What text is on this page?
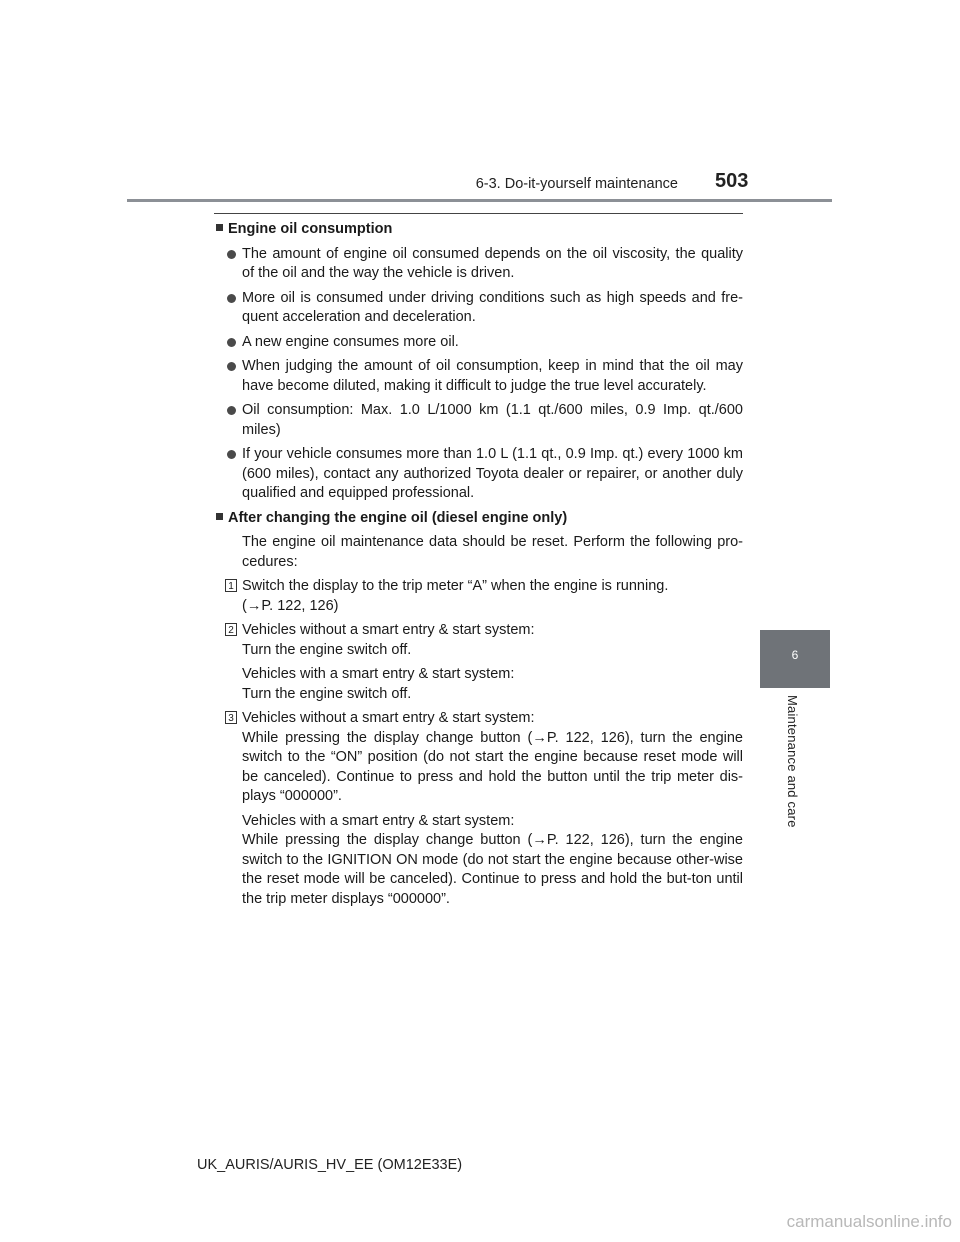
6-3. Do-it-yourself maintenance 503
6
Maintenance and care
Engine oil consumption
The amount of engine oil consumed depends on the oil viscosity, the quality of the oil and the way the vehicle is driven.
More oil is consumed under driving conditions such as high speeds and fre-quent acceleration and deceleration.
A new engine consumes more oil.
When judging the amount of oil consumption, keep in mind that the oil may have become diluted, making it difficult to judge the true level accurately.
Oil consumption: Max. 1.0 L/1000 km (1.1 qt./600 miles, 0.9 Imp. qt./600 miles)
If your vehicle consumes more than 1.0 L (1.1 qt., 0.9 Imp. qt.) every 1000 km (600 miles), contact any authorized Toyota dealer or repairer, or another duly qualified and equipped professional.
After changing the engine oil (diesel engine only)

The engine oil maintenance data should be reset. Perform the following pro-cedures:

1 Switch the display to the trip meter “A” when the engine is running.
(→P. 122, 126)

2 Vehicles without a smart entry & start system:
Turn the engine switch off.

Vehicles with a smart entry & start system:
Turn the engine switch off.

3 Vehicles without a smart entry & start system:
While pressing the display change button (→P. 122, 126), turn the engine switch to the “ON” position (do not start the engine because reset mode will be canceled). Continue to press and hold the button until the trip meter dis-plays “000000”.

Vehicles with a smart entry & start system:
While pressing the display change button (→P. 122, 126), turn the engine switch to the IGNITION ON mode (do not start the engine because other-wise the reset mode will be canceled). Continue to press and hold the but-ton until the trip meter displays “000000”.

UK_AURIS/AURIS_HV_EE (OM12E33E)
carmanualsonline.info
